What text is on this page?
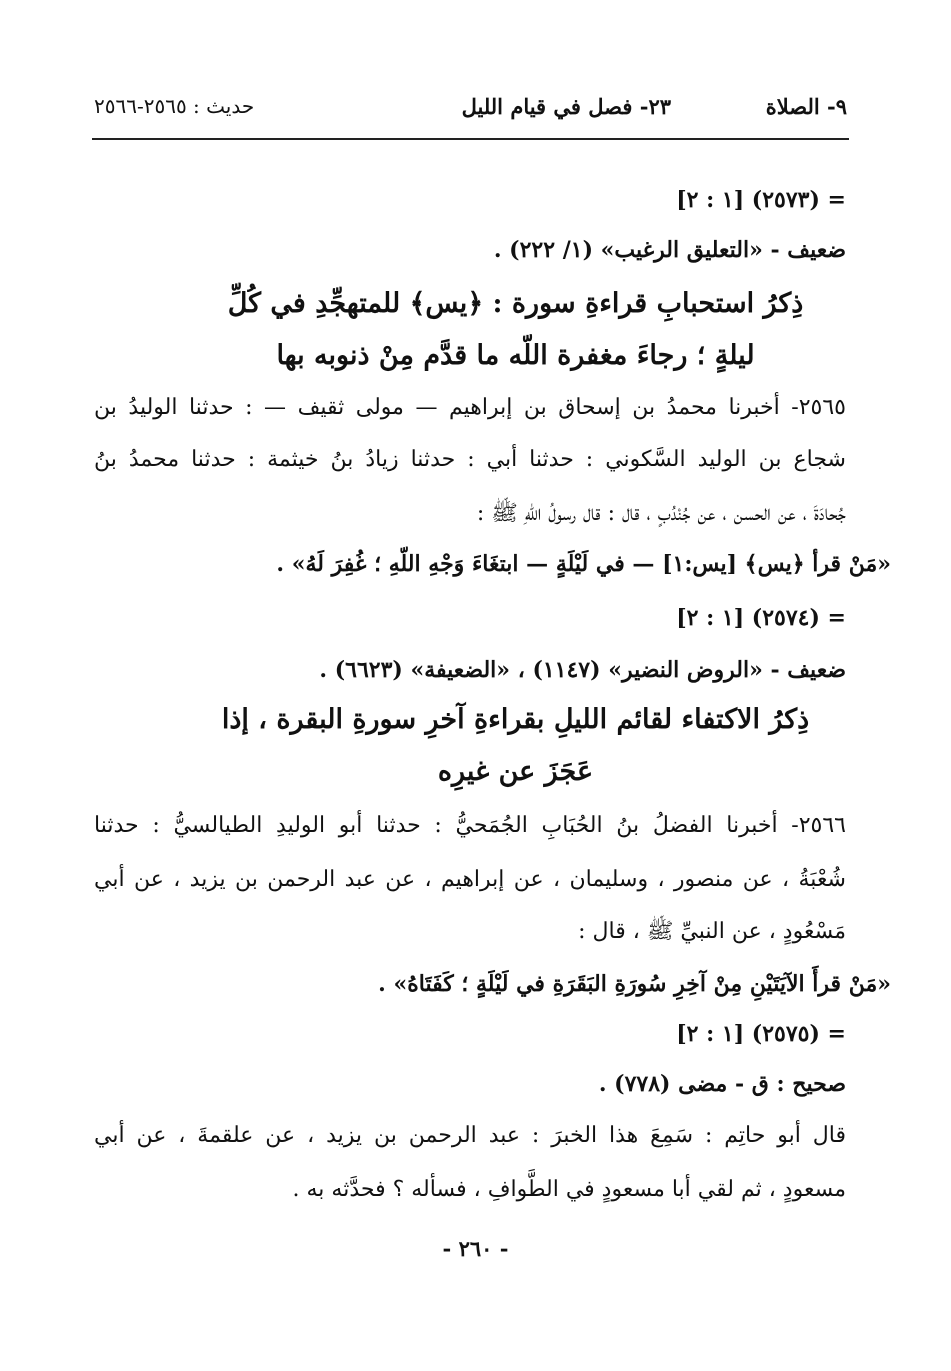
٩- الصلاة
٢٣- فصل في قيام الليل
حديث : ٢٥٦٥-٢٥٦٦
= (٢٥٧٣) [١ : ٢]
ضعيف - «التعليق الرغيب» (١/ ٢٢٢) .
ذِكرُ استحبابِ قراءةِ سورة : ﴿يس﴾ للمتهجِّدِ في كُلِّ
ليلةٍ ؛ رجاءَ مغفرة اللّه ما قدَّم مِنْ ذنوبه بها
٢٥٦٥- أخبرنا محمدُ بن إسحاق بن إبراهيم — مولى ثقيف — : حدثنا الوليدُ بن
شجاع بن الوليد السَّكوني : حدثنا أبي : حدثنا زيادُ بنُ خيثمة : حدثنا محمدُ بنُ
جُحادَةَ ، عن الحسن ، عن جُنْدُبٍ ، قال : قال رسولُ اللّهِ ﷺ :
«مَنْ قرأ ﴿يس﴾ [يس:١] — في لَيْلَةٍ — ابتغَاءَ وَجْهِ اللّهِ ؛ غُفِرَ لَهُ» .
= (٢٥٧٤) [١ : ٢]
ضعيف - «الروض النضير» (١١٤٧) ، «الضعيفة» (٦٦٢٣) .
ذِكرُ الاكتفاء لقائم الليلِ بقراءةِ آخرِ سورةِ البقرة ، إذا
عَجَزَ عن غيرِه
٢٥٦٦- أخبرنا الفضلُ بنُ الحُبَابِ الجُمَحيُّ : حدثنا أبو الوليدِ الطيالسيُّ : حدثنا
شُعْبَةُ ، عن منصور ، وسليمان ، عن إبراهيم ، عن عبد الرحمن بن يزيد ، عن أبي
مَسْعُودٍ ، عن النبيِّ ﷺ ، قال :
«مَنْ قرأَ الآيَتَيْنِ مِنْ آخِرِ سُورَةِ البَقَرَةِ في لَيْلَةٍ ؛ كَفَتَاهُ» .
= (٢٥٧٥) [١ : ٢]
صحيح : ق - مضى (٧٧٨) .
قال أبو حاتِم : سَمِعَ هذا الخبرَ : عبد الرحمن بن يزيد ، عن علقمةَ ، عن أبي
مسعودٍ ، ثم لقي أبا مسعودٍ في الطَّوافِ ، فسأله ؟ فحدَّثه به .
- ٢٦٠ -
